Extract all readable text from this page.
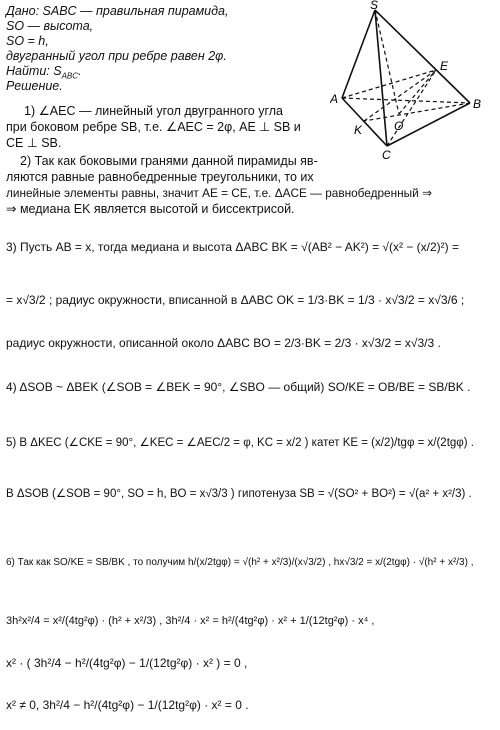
Дано: SABC — правильная пирамида,
SO — высота,
SO = h,
двугранный угол при ребре равен 2φ.
Найти: $S_{ABC}$.
Решение.
S
E
A	B
K	O
C
1) ∠AEC — линейный угол двугранного угла
при боковом ребре SB, т.е. ∠AEC = 2φ, AE ⊥ SB и
CE ⊥ SB.
2) Так как боковыми гранями данной пирамиды яв-
ляются равные равнобедренные треугольники, то их
линейные элементы равны, значит AE = CE, т.е. ΔACE — равнобедренный ⇒
⇒ медиана EK является высотой и биссектрисой.
3) Пусть AB = x, тогда медиана и высота ΔABC BK = √(AB² − AK²) = √(x² − (x/2)²) =
= x√3/2 ; радиус окружности, вписанной в ΔABC OK = 1/3·BK = 1/3 · x√3/2 = x√3/6 ;
радиус окружности, описанной около ΔABC BO = 2/3·BK = 2/3 · x√3/2 = x√3/3 .
4) ΔSOB ~ ΔBEK (∠SOB = ∠BEK = 90°, ∠SBO — общий) SO/KE = OB/BE = SB/BK .
5) В ΔKEC (∠CKE = 90°, ∠KEC = ∠AEC/2 = φ, KC = x/2 ) катет KE = (x/2)/tgφ = x/(2tgφ) .
В ΔSOB (∠SOB = 90°, SO = h, BO = x√3/3 ) гипотенуза SB = √(SO² + BO²) = √(a² + x²/3) .
6) Так как SO/KE = SB/BK , то получим h/(x/2tgφ) = √(h² + x²/3)/(x√3/2) , hx√3/2 = x/(2tgφ) · √(h² + x²/3) ,
3h²x²/4 = x²/(4tg²φ) · (h² + x²/3) , 3h²/4 · x² = h²/(4tg²φ) · x² + 1/(12tg²φ) · x⁴ ,
x² · ( 3h²/4 − h²/(4tg²φ) − 1/(12tg²φ) · x² ) = 0 ,
x² ≠ 0, 3h²/4 − h²/(4tg²φ) − 1/(12tg²φ) · x² = 0 .
